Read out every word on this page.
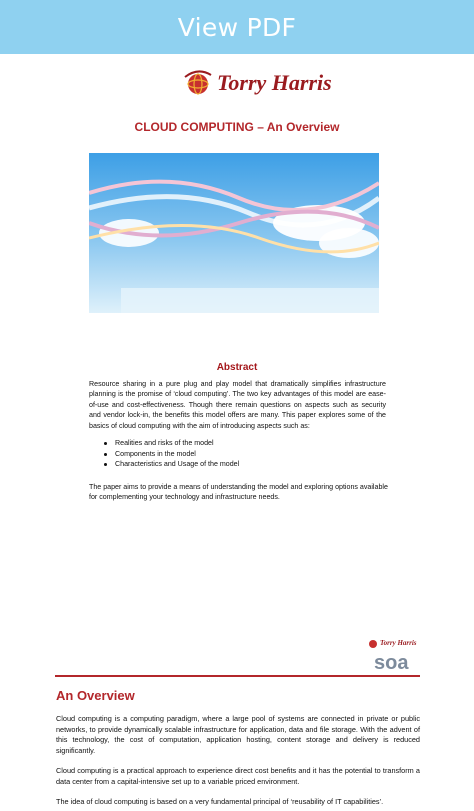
View PDF
Torry Harris
CLOUD COMPUTING – An Overview
Abstract
Resource sharing in a pure plug and play model that dramatically simplifies infrastructure planning is the promise of ‘cloud computing’. The two key advantages of this model are ease-of-use and cost-effectiveness. Though there remain questions on aspects such as security and vendor lock-in, the benefits this model offers are many. This paper explores some of the basics of cloud computing with the aim of introducing aspects such as:
Realities and risks of the model
Components in the model
Characteristics and Usage of the model
The paper aims to provide a means of understanding the model and exploring options available for complementing your technology and infrastructure needs.
Torry Harris
soa
An Overview
Cloud computing is a computing paradigm, where a large pool of systems are connected in private or public networks, to provide dynamically scalable infrastructure for application, data and file storage. With the advent of this technology, the cost of computation, application hosting, content storage and delivery is reduced significantly.
Cloud computing is a practical approach to experience direct cost benefits and it has the potential to transform a data center from a capital-intensive set up to a variable priced environment.
The idea of cloud computing is based on a very fundamental principal of ‘reusability of IT capabilities’.
